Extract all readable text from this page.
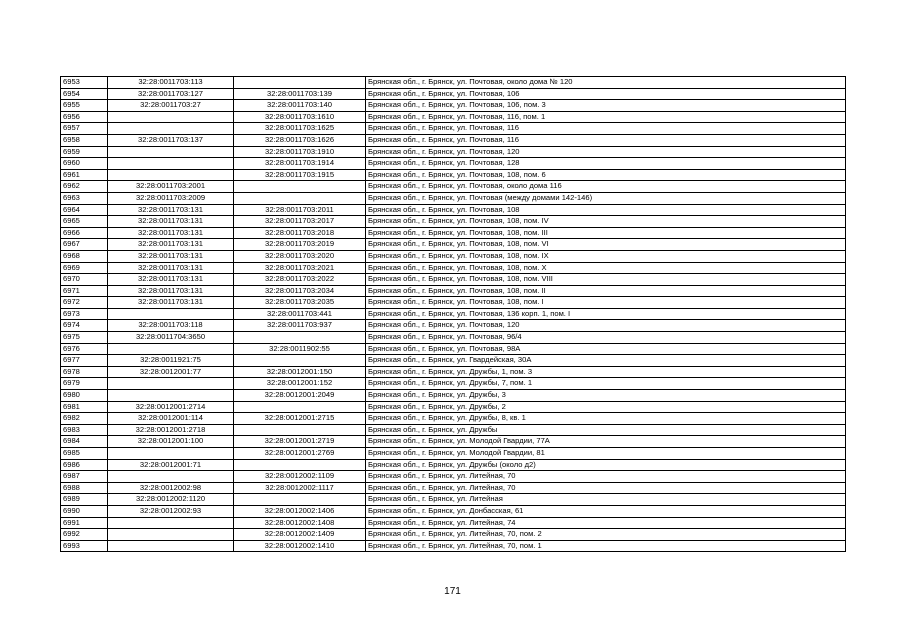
6953	32:28:0011703:113		Брянская обл., г. Брянск, ул. Почтовая, около дома № 120
6954	32:28:0011703:127	32:28:0011703:139	Брянская обл., г. Брянск, ул. Почтовая, 106
6955	32:28:0011703:27	32:28:0011703:140	Брянская обл., г. Брянск, ул. Почтовая, 106, пом. 3
6956		32:28:0011703:1610	Брянская обл., г. Брянск, ул. Почтовая, 116, пом. 1
6957		32:28:0011703:1625	Брянская обл., г. Брянск, ул. Почтовая, 116
6958	32:28:0011703:137	32:28:0011703:1626	Брянская обл., г. Брянск, ул. Почтовая, 116
6959		32:28:0011703:1910	Брянская обл., г. Брянск, ул. Почтовая, 120
6960		32:28:0011703:1914	Брянская обл., г. Брянск, ул. Почтовая, 128
6961		32:28:0011703:1915	Брянская обл., г. Брянск, ул. Почтовая, 108, пом. 6
6962	32:28:0011703:2001		Брянская обл., г. Брянск, ул. Почтовая, около дома 116
6963	32:28:0011703:2009		Брянская обл., г. Брянск, ул. Почтовая (между домами 142-146)
6964	32:28:0011703:131	32:28:0011703:2011	Брянская обл., г. Брянск, ул. Почтовая, 108
6965	32:28:0011703:131	32:28:0011703:2017	Брянская обл., г. Брянск, ул. Почтовая, 108, пом. IV
6966	32:28:0011703:131	32:28:0011703:2018	Брянская обл., г. Брянск, ул. Почтовая, 108, пом. III
6967	32:28:0011703:131	32:28:0011703:2019	Брянская обл., г. Брянск, ул. Почтовая, 108, пом. VI
6968	32:28:0011703:131	32:28:0011703:2020	Брянская обл., г. Брянск, ул. Почтовая, 108, пом. IX
6969	32:28:0011703:131	32:28:0011703:2021	Брянская обл., г. Брянск, ул. Почтовая, 108, пом. X
6970	32:28:0011703:131	32:28:0011703:2022	Брянская обл., г. Брянск, ул. Почтовая, 108, пом. VIII
6971	32:28:0011703:131	32:28:0011703:2034	Брянская обл., г. Брянск, ул. Почтовая, 108, пом. II
6972	32:28:0011703:131	32:28:0011703:2035	Брянская обл., г. Брянск, ул. Почтовая, 108, пом. I
6973		32:28:0011703:441	Брянская обл., г. Брянск, ул. Почтовая, 136 корп. 1, пом. I
6974	32:28:0011703:118	32:28:0011703:937	Брянская обл., г. Брянск, ул. Почтовая, 120
6975	32:28:0011704:3650		Брянская обл., г. Брянск, ул. Почтовая, 96/4
6976		32:28:0011902:55	Брянская обл., г. Брянск, ул. Почтовая, 98А
6977	32:28:0011921:75		Брянская обл., г. Брянск, ул. Гвардейская, 30А
6978	32:28:0012001:77	32:28:0012001:150	Брянская обл., г. Брянск, ул. Дружбы, 1, пом. 3
6979		32:28:0012001:152	Брянская обл., г. Брянск, ул. Дружбы, 7, пом. 1
6980		32:28:0012001:2049	Брянская обл., г. Брянск, ул. Дружбы, 3
6981	32:28:0012001:2714		Брянская обл., г. Брянск, ул. Дружбы, 2
6982	32:28:0012001:114	32:28:0012001:2715	Брянская обл., г. Брянск, ул. Дружбы, 8, кв. 1
6983	32:28:0012001:2718		Брянская обл., г. Брянск, ул. Дружбы
6984	32:28:0012001:100	32:28:0012001:2719	Брянская обл., г. Брянск, ул. Молодой Гвардии, 77А
6985		32:28:0012001:2769	Брянская обл., г. Брянск, ул. Молодой Гвардии, 81
6986	32:28:0012001:71		Брянская обл., г. Брянск, ул. Дружбы (около д2)
6987		32:28:0012002:1109	Брянская обл., г. Брянск, ул. Литейная, 70
6988	32:28:0012002:98	32:28:0012002:1117	Брянская обл., г. Брянск, ул. Литейная, 70
6989	32:28:0012002:1120		Брянская обл., г. Брянск, ул. Литейная
6990	32:28:0012002:93	32:28:0012002:1406	Брянская обл., г. Брянск, ул. Донбасская, 61
6991		32:28:0012002:1408	Брянская обл., г. Брянск, ул. Литейная, 74
6992		32:28:0012002:1409	Брянская обл., г. Брянск, ул. Литейная, 70, пом. 2
6993		32:28:0012002:1410	Брянская обл., г. Брянск, ул. Литейная, 70, пом. 1
171
